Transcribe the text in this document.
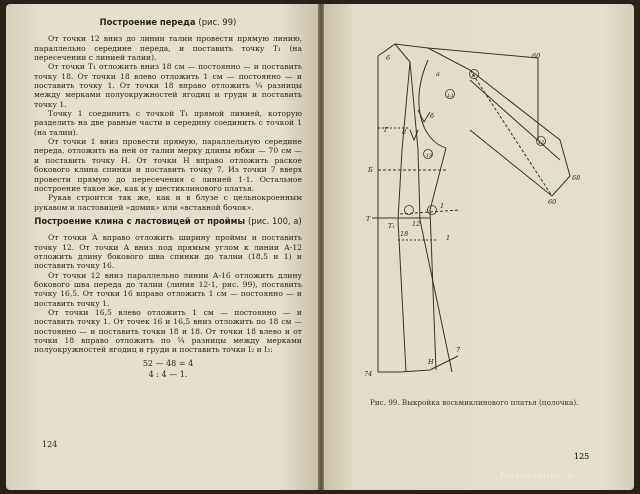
Построение переда (рис. 99)

От точки 12 вниз до линии талии провести прямую линию, параллельно середине переда, и поставить точку T₁ (на пересечении с линией талии).

От точки T₁ отложить вниз 18 см — постоянно — и поставить точку 18. От точки 18 влево отложить 1 см — постоянно — и поставить точку 1. От точки 18 вправо отложить ¼ разницы между мерками полуокружностей ягодиц и груди и поставить точку 1.

Точку 1 соединить с точкой T₁ прямой линией, которую разделить на две равные части и середину соединить с точкой 1 (на талии).

От точки 1 вниз провести прямую, параллельную середине переда, отложить на ней от талии мерку длины юбки — 70 см — и поставить точку Н. От точки Н вправо отложить раское бокового клина спинки и поставить точку 7. Из точки 7 вверх провести прямую до пересечения с линией 1-1. Остальное построение такое же, как и у шестиклинового платья.

Рукав строится так же, как и в блузе с цельнокроенным рукавом и ластовицей «домик» или «вставной бочок».

Построение клина с ластовицей от проймы (рис. 100, а)

От точки А вправо отложить ширину проймы и поставить точку 12. От точки А вниз под прямым углом к линии А-12 отложить длину бокового шва спинки до талии (18,5 и 1) и поставить точку 16.

От точки 12 вниз параллельно линии А-16 отложить длину бокового шва переда до талии (линия 12-1, рис. 99), поставить точку 16,5. От точки 16 вправо отложить 1 см — постоянно — и поставить точку 1.

От точки 16,5 влево отложить 1 см — постоянно — и поставить точку 1. От точек 16 и 16,5 вниз отложить по 18 см — постоянно — и поставить точки 18 и 18. От точки 18 влево и от точки 18 вправо отложить по ¼ разницы между мерками полуокружностей ягодиц и груди и поставить точки I₂ и I₃:

52 — 48 = 4
4 : 4 — 1.
124
60
б
13
12
а
б
19
60
68
Т
Т₁
1
18
Б
Н
7
74
12
6
8
Г
1
Рис. 99. Выкройка восьмиклинового платья (полочка).
125
PassionForum.ru
